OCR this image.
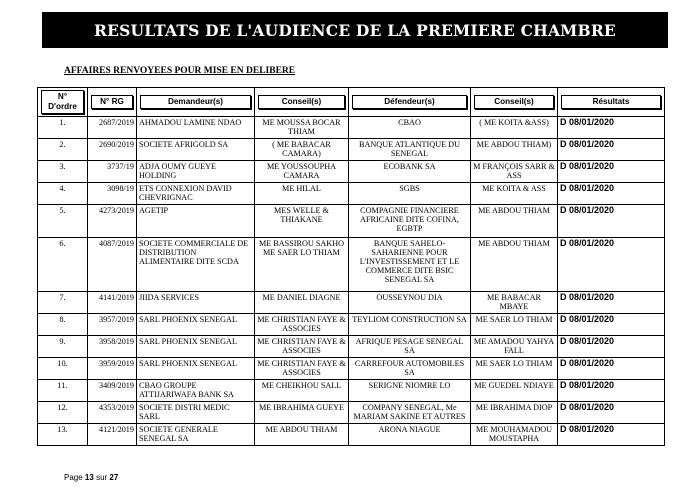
RESULTATS DE L'AUDIENCE DE LA PREMIERE CHAMBRE
AFFAIRES RENVOYEES POUR MISE EN DELIBERE
N°
D'ordre	N° RG	Demandeur(s)	Conseil(s)	Défendeur(s)	Conseil(s)	Résultats

1.	2687/2019	AHMADOU LAMINE NDAO	ME MOUSSA BOCAR THIAM	CBAO	( ME KOITA &ASS)	D 08/01/2020
2.	2690/2019	SOCIETE AFRIGOLD SA	( ME BABACAR CAMARA)	BANQUE ATLANTIQUE DU SENEGAL	ME ABDOU THIAM)	D 08/01/2020
3.	3737/19	ADJA OUMY GUEYE HOLDING	ME YOUSSOUPHA CAMARA	ECOBANK SA	M FRANÇOIS SARR & ASS	D 08/01/2020
4.	3098/19	ETS CONNEXION DAVID CHEVRIGNAC	ME HILAL	SGBS	ME KOITA & ASS	D 08/01/2020
5.	4273/2019	AGETIP	MES WELLE & THIAKANE	COMPAGNIE FINANCIERE AFRICAINE DITE COFINA, EGBTP	ME ABDOU THIAM	D 08/01/2020
6.	4087/2019	SOCIETE COMMERCIALE DE DISTRIBUTION ALIMENTAIRE DITE SCDA	ME BASSIROU SAKHO ME SAER LO THIAM	BANQUE SAHELO-SAHARIENNE POUR L'INVESTISSEMENT ET LE COMMERCE DITE BSIC SENEGAL SA	ME ABDOU THIAM	D 08/01/2020
7.	4141/2019	JIIDA SERVICES	ME DANIEL DIAGNE	OUSSEYNOU DIA	ME BABACAR MBAYE	D 08/01/2020
8.	3957/2019	SARL PHOENIX SENEGAL	ME CHRISTIAN FAYE & ASSOCIES	TEYLIOM CONSTRUCTION SA	ME SAER LO THIAM	D 08/01/2020
9.	3958/2019	SARL PHOENIX SENEGAL	ME CHRISTIAN FAYE & ASSOCIES	AFRIQUE PESAGE SENEGAL SA	ME AMADOU YAHYA FALL	D 08/01/2020
10.	3959/2019	SARL PHOENIX SENEGAL	ME CHRISTIAN FAYE & ASSOCIES	CARREFOUR AUTOMOBILES SA	ME SAER LO THIAM	D 08/01/2020
11.	3409/2019	CBAO GROUPE ATTIJARIWAFA BANK SA	ME CHEIKHOU SALL	SERIGNE NIOMRE LO	ME GUEDEL NDIAYE	D 08/01/2020
12.	4353/2019	SOCIETE DISTRI MEDIC SARL	ME IBRAHIMA GUEYE	COMPANY SENEGAL, Me MARIAM SAKINE ET AUTRES	ME IBRAHIMA DIOP	D 08/01/2020
13.	4121/2019	SOCIETE GENERALE SENEGAL SA	ME ABDOU THIAM	ARONA NIAGUE	ME MOUHAMADOU MOUSTAPHA	D 08/01/2020
Page 13 sur 27
